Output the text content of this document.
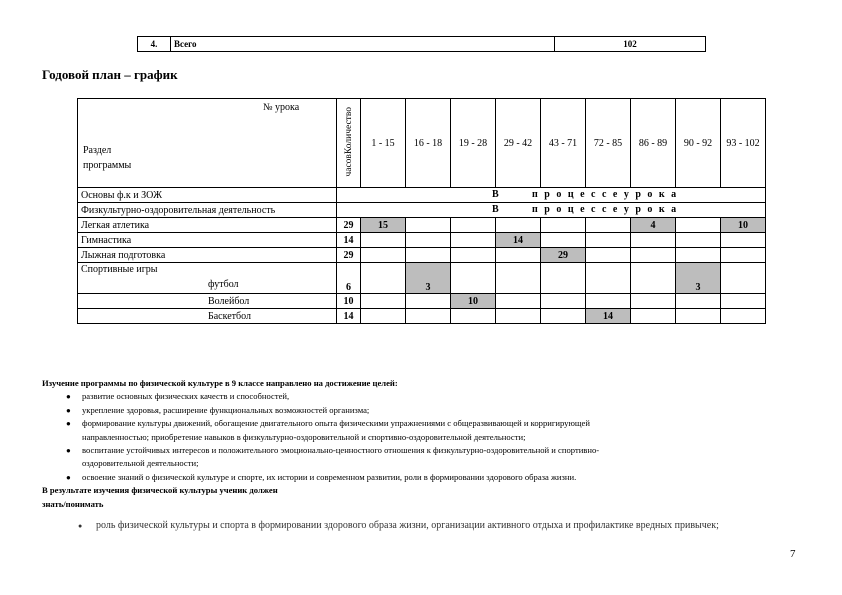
4.	Всего	102
Годовой план – график
№ урока
Раздел
программы	часовКоличество	1 - 15	16 - 18	19 - 28	29 - 42	43 - 71	72 - 85	86 - 89	90 - 92	93 - 102
Основы ф.к и ЗОЖ	В п р о ц е с с е у р о к а									

Физкультурно-оздоровительная деятельность	В п р о ц е с с е у р о к а									

Легкая атлетика	29	15						4		10
Гимнастика	14				14					
Лыжная подготовка	29					29				

Спортивные игры
футбол	6		3						3	
Волейбол	10			10						
Баскетбол	14						14			
Изучение программы по физической культуре в 9 классе направлено на достижение целей:
● развитие основных физических качеств и способностей,
● укрепление здоровья, расширение функциональных возможностей организма;
● формирование культуры движений, обогащение двигательного опыта физическими упражнениями с общеразвивающей и корригирующей
направленностью; приобретение навыков в физкультурно-оздоровительной и спортивно-оздоровительной деятельности;
● воспитание устойчивых интересов и положительного эмоционально-ценностного отношения к физкультурно-оздоровительной и спортивно-
оздоровительной деятельности;
● освоение знаний о физической культуре и спорте, их истории и современном развитии, роли в формировании здорового образа жизни.
В результате изучения физической культуры ученик должен
знать/понимать
●	роль физической культуры и спорта в формировании здорового образа жизни, организации активного отдыха и профилактике вредных привычек;
7
